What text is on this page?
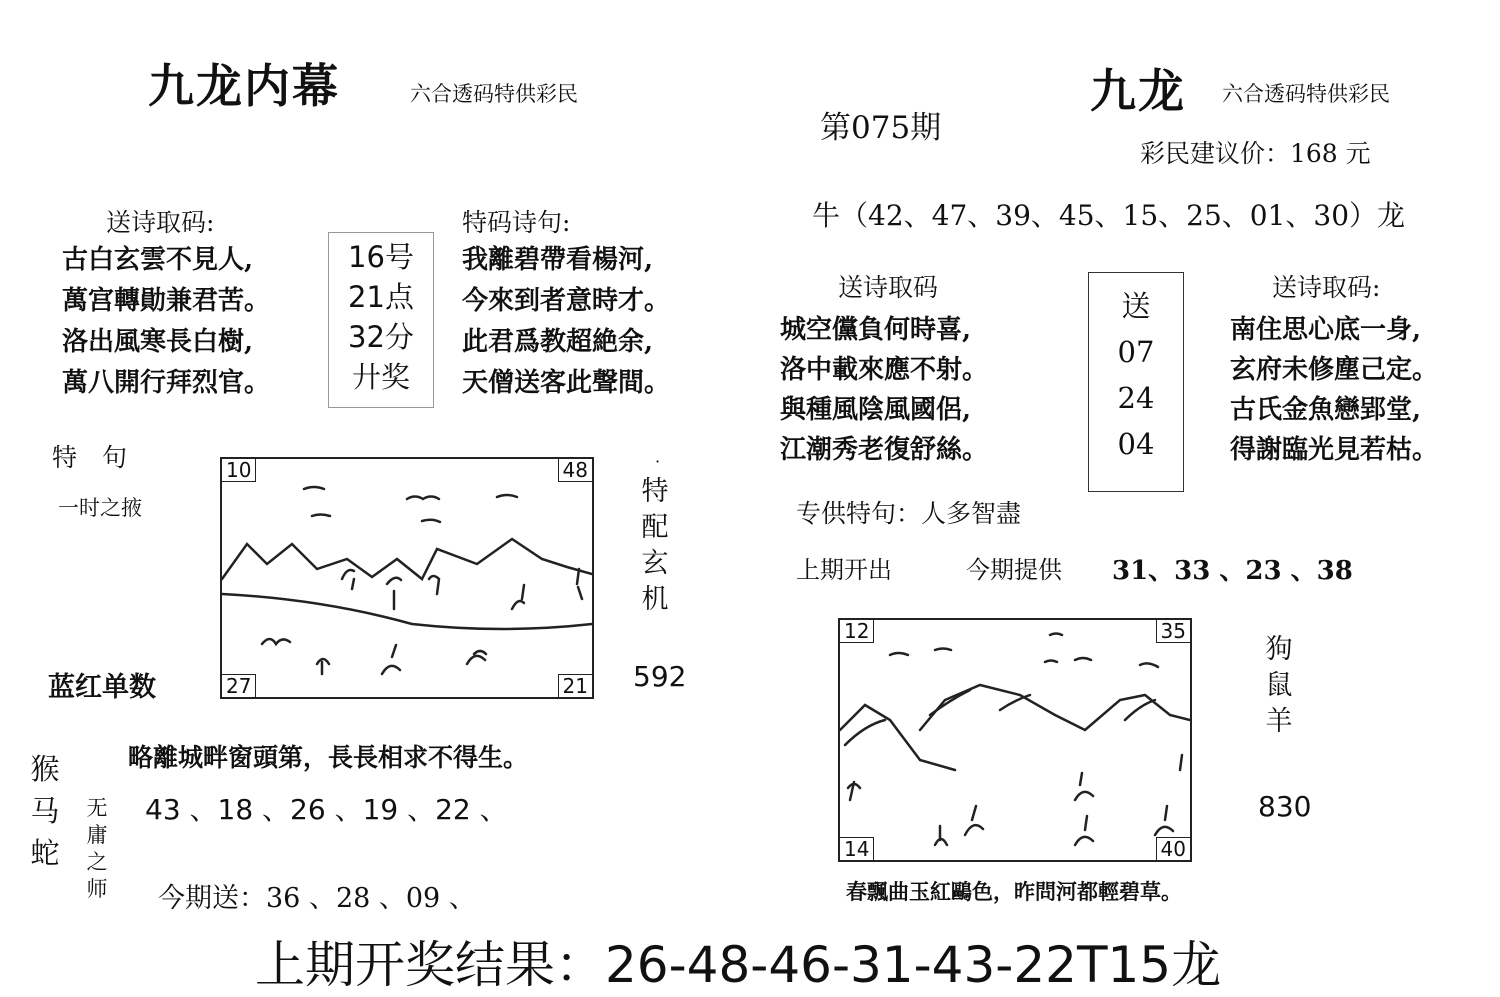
九龙内幕	六合透码特供彩民
送诗取码:
古白玄雲不見人,
萬宫轉勛兼君苦。
洛出風寒長白樹,
萬八開行拜烈官。
16号
21点
32分
廾奖
特码诗句:
我離碧帶看楊河,
今來到者意時才。
此君爲教超絶余,
天僧送客此聲間。
特　句
一时之掖
10	48
27	21
·
特
配
玄
机
592
蓝红单数
略離城畔窗頭第，長長相求不得生。
猴
马
蛇
无
庸
之
师
43 、18 、26 、19 、22 、
今期送：36 、28 、09 、
第075期
九龙 六合透码特供彩民
彩民建议价：168 元
牛（42、47、39、45、15、25、01、30）龙
送诗取码
城空儻負何時喜,
洛中載來應不射。
與種風陰風國侶,
江潮秀老復舒絲。
送
07
24
04
送诗取码:
南住思心底一身,
玄府未修塵己定。
古氏金魚戀郢堂,
得謝臨光見若枯。
专供特句：人多智盡
上期开出	今期提供 31、33 、23 、38
12	35
14	40
狗
鼠
羊
830
春飄曲玉紅鷗色，昨問河都輕碧草。
上期开奖结果：26-48-46-31-43-22T15龙
